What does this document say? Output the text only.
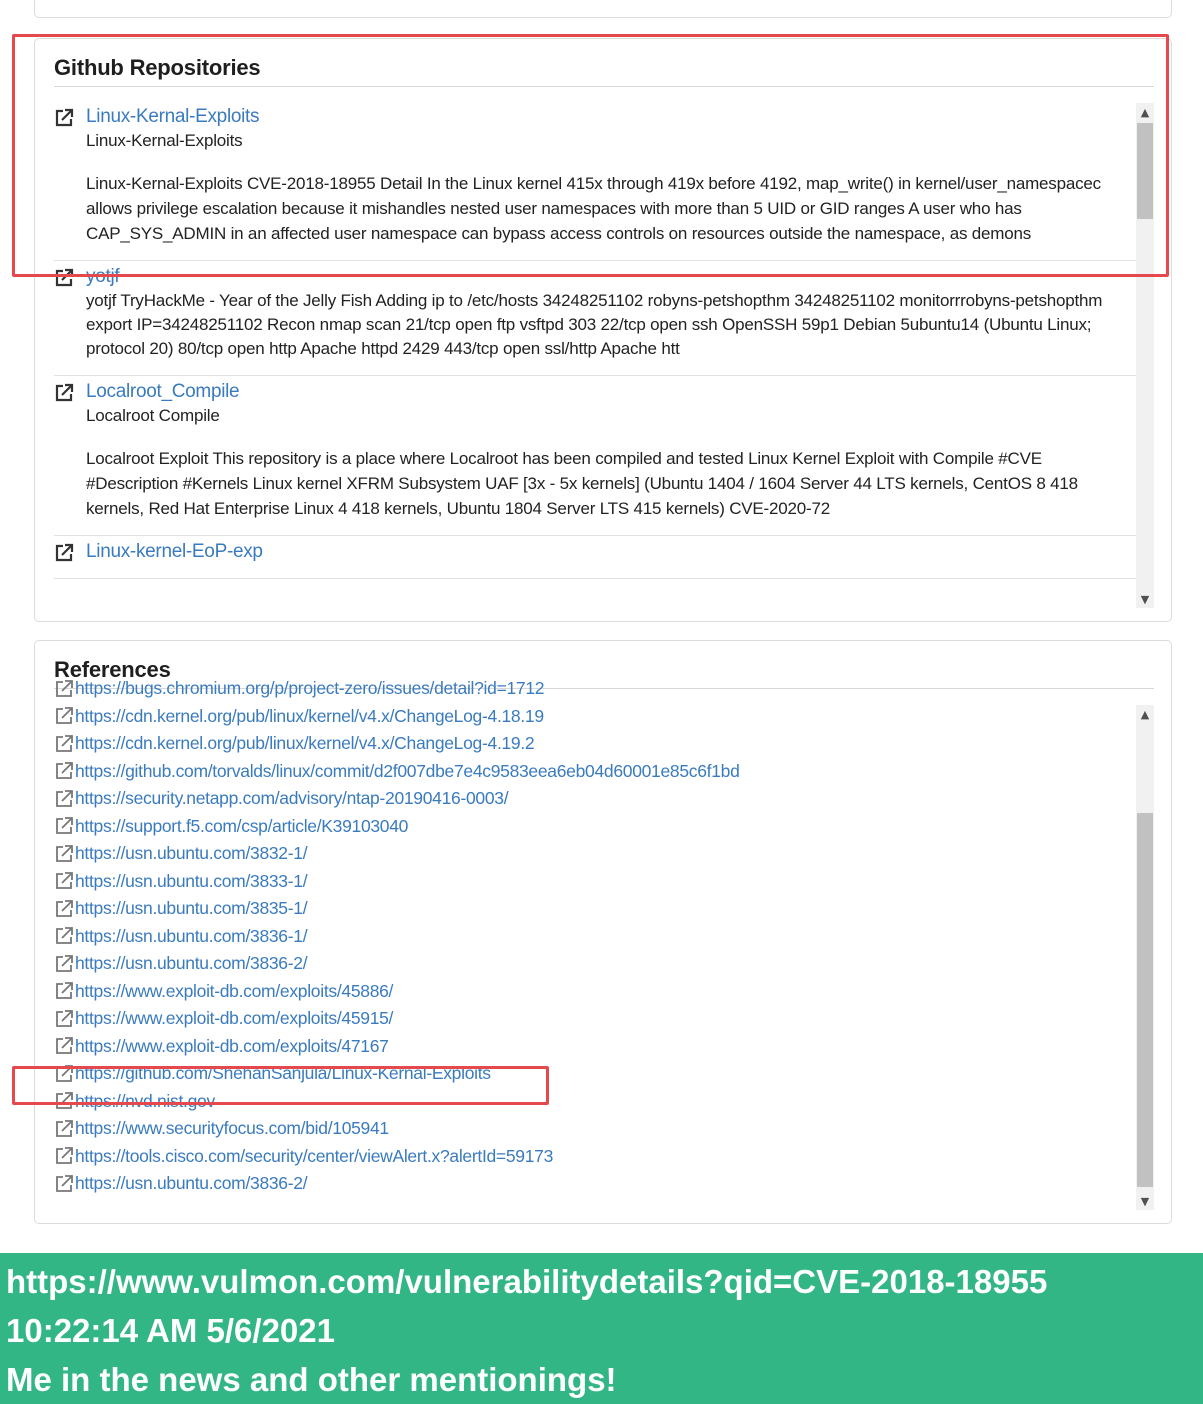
Github Repositories
Linux-Kernal-Exploits
Linux-Kernal-Exploits
Linux-Kernal-Exploits CVE-2018-18955 Detail In the Linux kernel 415x through 419x before 4192, map_write() in kernel/user_namespacec allows privilege escalation because it mishandles nested user namespaces with more than 5 UID or GID ranges A user who has CAP_SYS_ADMIN in an affected user namespace can bypass access controls on resources outside the namespace, as demons
yotjf
yotjf TryHackMe - Year of the Jelly Fish Adding ip to /etc/hosts 34248251102 robyns-petshopthm 34248251102 monitorrrobyns-petshopthm export IP=34248251102 Recon nmap scan 21/tcp open ftp vsftpd 303 22/tcp open ssh OpenSSH 59p1 Debian 5ubuntu14 (Ubuntu Linux; protocol 20) 80/tcp open http Apache httpd 2429 443/tcp open ssl/http Apache htt
Localroot_Compile
Localroot Compile
Localroot Exploit This repository is a place where Localroot has been compiled and tested Linux Kernel Exploit with Compile #CVE #Description #Kernels Linux kernel XFRM Subsystem UAF [3x - 5x kernels] (Ubuntu 1404 / 1604 Server 44 LTS kernels, CentOS 8 418 kernels, Red Hat Enterprise Linux 4 418 kernels, Ubuntu 1804 Server LTS 415 kernels) CVE-2020-72
Linux-kernel-EoP-exp
▲
▼
References
https://bugs.chromium.org/p/project-zero/issues/detail?id=1712
https://cdn.kernel.org/pub/linux/kernel/v4.x/ChangeLog-4.18.19
https://cdn.kernel.org/pub/linux/kernel/v4.x/ChangeLog-4.19.2
https://github.com/torvalds/linux/commit/d2f007dbe7e4c9583eea6eb04d60001e85c6f1bd
https://security.netapp.com/advisory/ntap-20190416-0003/
https://support.f5.com/csp/article/K39103040
https://usn.ubuntu.com/3832-1/
https://usn.ubuntu.com/3833-1/
https://usn.ubuntu.com/3835-1/
https://usn.ubuntu.com/3836-1/
https://usn.ubuntu.com/3836-2/
https://www.exploit-db.com/exploits/45886/
https://www.exploit-db.com/exploits/45915/
https://www.exploit-db.com/exploits/47167
https://github.com/ShehanSanjula/Linux-Kernal-Exploits
https://nvd.nist.gov
https://www.securityfocus.com/bid/105941
https://tools.cisco.com/security/center/viewAlert.x?alertId=59173
https://usn.ubuntu.com/3836-2/
▲
▼
https://www.vulmon.com/vulnerabilitydetails?qid=CVE-2018-18955
10:22:14 AM 5/6/2021
Me in the news and other mentionings!
